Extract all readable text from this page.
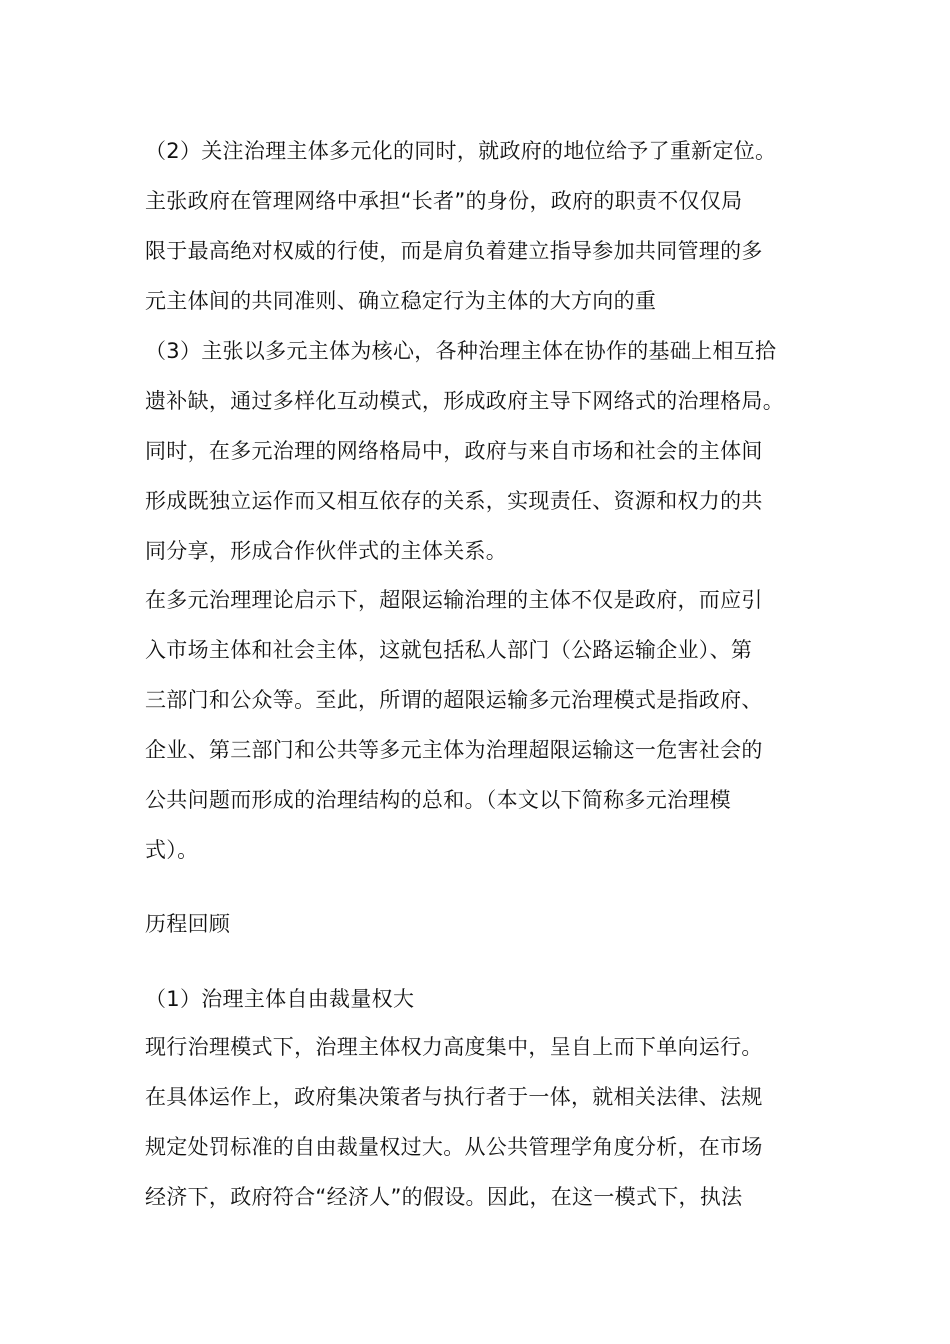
（2）关注治理主体多元化的同时，就政府的地位给予了重新定位。
主张政府在管理网络中承担“长者”的身份，政府的职责不仅仅局
限于最高绝对权威的行使，而是肩负着建立指导参加共同管理的多
元主体间的共同准则、确立稳定行为主体的大方向的重
（3）主张以多元主体为核心，各种治理主体在协作的基础上相互拾
遗补缺，通过多样化互动模式，形成政府主导下网络式的治理格局。
同时，在多元治理的网络格局中，政府与来自市场和社会的主体间
形成既独立运作而又相互依存的关系，实现责任、资源和权力的共
同分享，形成合作伙伴式的主体关系。
在多元治理理论启示下，超限运输治理的主体不仅是政府，而应引
入市场主体和社会主体，这就包括私人部门（公路运输企业）、第
三部门和公众等。至此，所谓的超限运输多元治理模式是指政府、
企业、第三部门和公共等多元主体为治理超限运输这一危害社会的
公共问题而形成的治理结构的总和。（本文以下简称多元治理模
式）。
历程回顾
（1）治理主体自由裁量权大
现行治理模式下，治理主体权力高度集中，呈自上而下单向运行。
在具体运作上，政府集决策者与执行者于一体，就相关法律、法规
规定处罚标准的自由裁量权过大。从公共管理学角度分析，在市场
经济下，政府符合“经济人”的假设。因此，在这一模式下，执法
